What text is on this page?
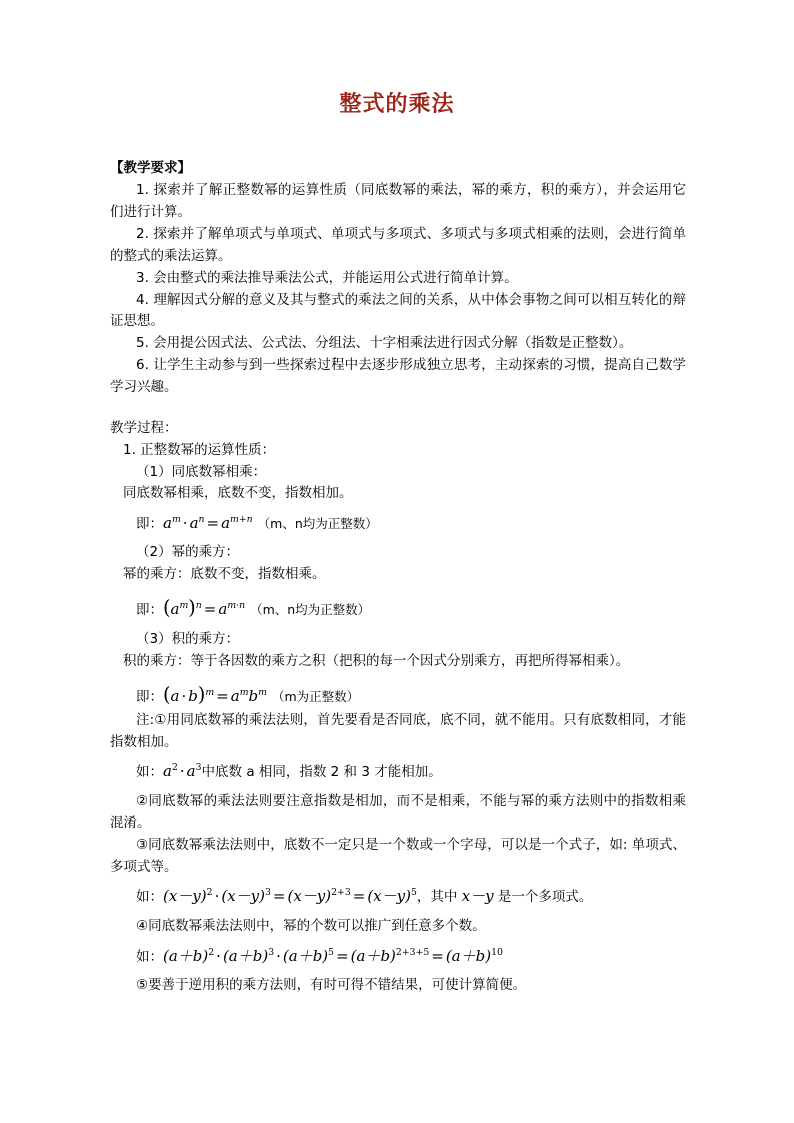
整式的乘法

【教学要求】

1. 探索并了解正整数幂的运算性质（同底数幂的乘法，幂的乘方，积的乘方），并会运用它们进行计算。

2. 探索并了解单项式与单项式、单项式与多项式、多项式与多项式相乘的法则，会进行简单的整式的乘法运算。

3. 会由整式的乘法推导乘法公式，并能运用公式进行简单计算。

4. 理解因式分解的意义及其与整式的乘法之间的关系，从中体会事物之间可以相互转化的辩证思想。

5. 会用提公因式法、公式法、分组法、十字相乘法进行因式分解（指数是正整数）。

6. 让学生主动参与到一些探索过程中去逐步形成独立思考，主动探索的习惯，提高自己数学学习兴趣。

教学过程：

1. 正整数幂的运算性质：

（1）同底数幂相乘：

同底数幂相乘，底数不变，指数相加。

即：$a^m \cdot a^n = a^{m+n}$ （m、n均为正整数）

（2）幂的乘方：

幂的乘方：底数不变，指数相乘。

即：$(a^m)^n = a^{m\cdot n}$ （m、n均为正整数）

（3）积的乘方：

积的乘方：等于各因数的乘方之积（把积的每一个因式分别乘方，再把所得幂相乘）。

即：$(a \cdot b)^m = a^mb^m$ （m为正整数）

注:①用同底数幂的乘法法则，首先要看是否同底，底不同，就不能用。只有底数相同，才能指数相加。

如：$a^2 \cdot a^3$中底数 a 相同，指数 2 和 3 才能相加。

②同底数幂的乘法法则要注意指数是相加，而不是相乘，不能与幂的乘方法则中的指数相乘混淆。

③同底数幂乘法法则中，底数不一定只是一个数或一个字母，可以是一个式子，如: 单项式、多项式等。

如：$(x-y)^2 \cdot (x-y)^3 = (x-y)^{2+3} = (x-y)^5$，其中 x－y 是一个多项式。

④同底数幂乘法法则中，幂的个数可以推广到任意多个数。

如：$(a+b)^2 \cdot (a+b)^3 \cdot (a+b)^5 = (a+b)^{2+3+5} = (a+b)^{10}$

⑤要善于逆用积的乘方法则，有时可得不错结果，可使计算简便。
